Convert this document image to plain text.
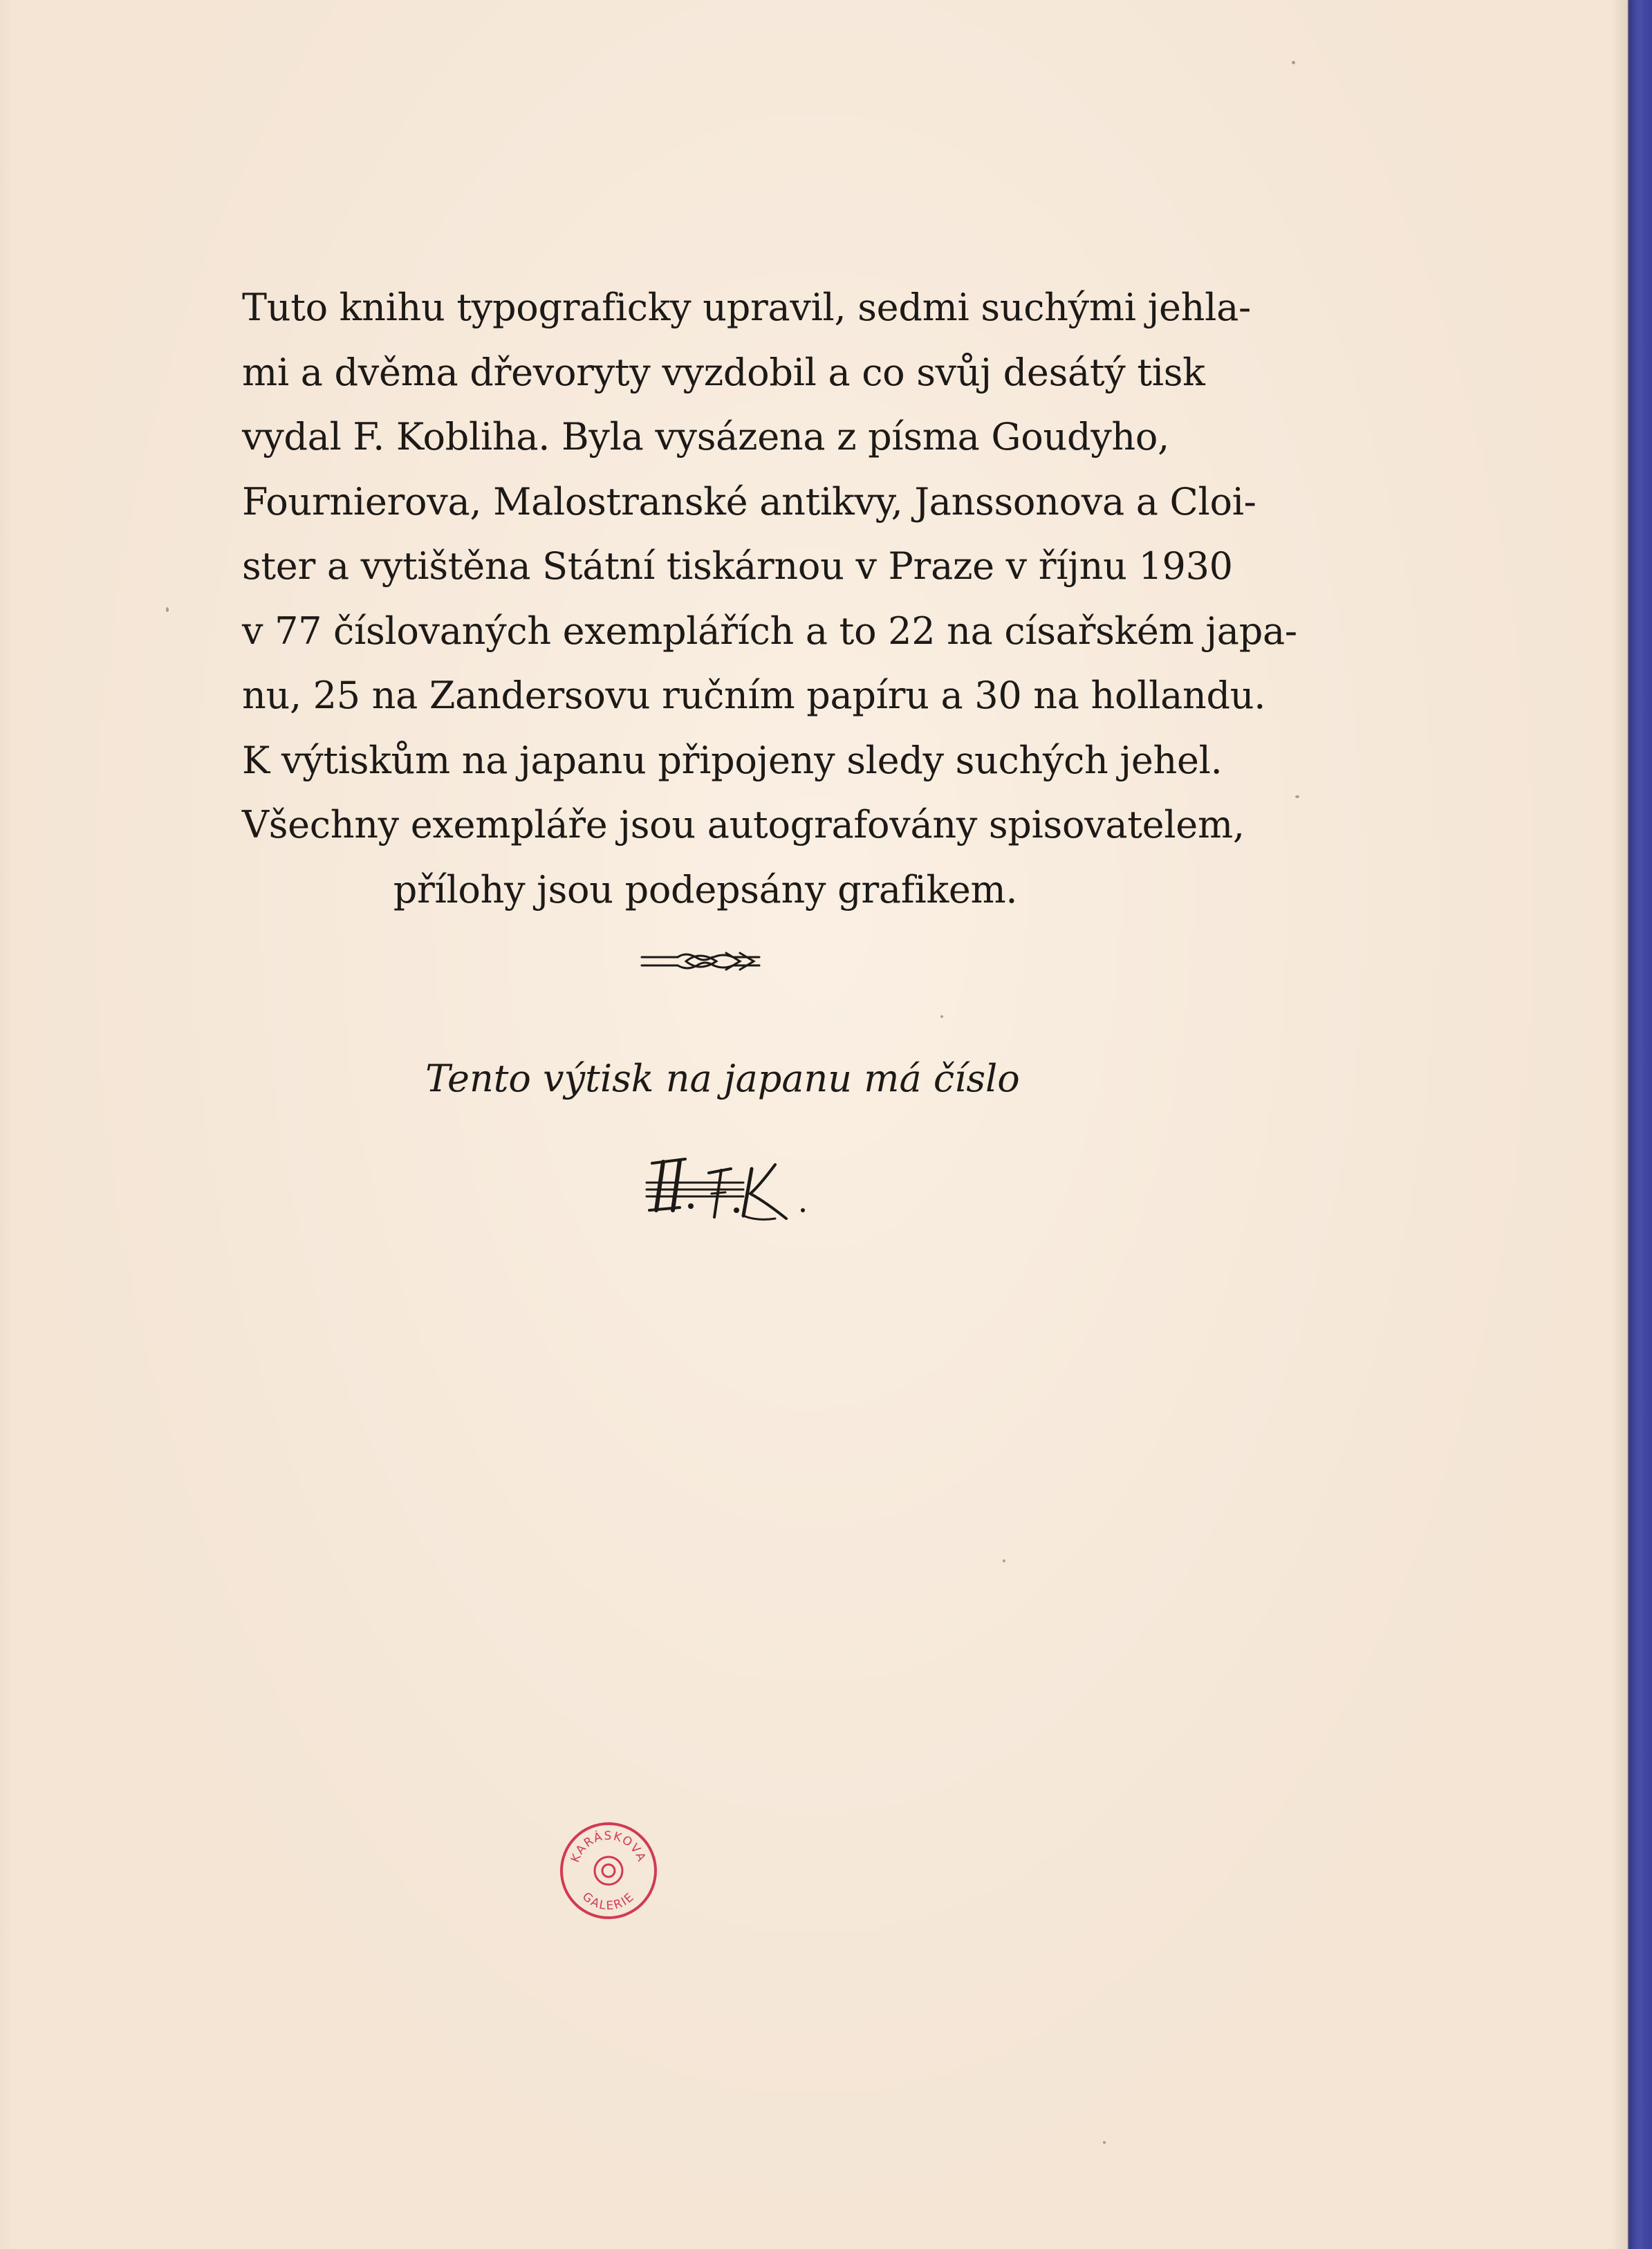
Tuto knihu typograficky upravil, sedmi suchými jehla-
mi a dvěma dřevoryty vyzdobil a co svůj desátý tisk
vydal F. Kobliha. Byla vysázena z písma Goudyho,
Fournierova, Malostranské antikvy, Janssonova a Cloi-
ster a vytištěna Státní tiskárnou v Praze v říjnu 1930
v 77 číslovaných exemplářích a to 22 na císařském japa-
nu, 25 na Zandersovu ručním papíru a 30 na hollandu.
K výtiskům na japanu připojeny sledy suchých jehel.
Všechny exempláře jsou autografovány spisovatelem,
přílohy jsou podepsány grafikem.

Tento výtisk na japanu má číslo

KARÁSKOVA
GALERIE
